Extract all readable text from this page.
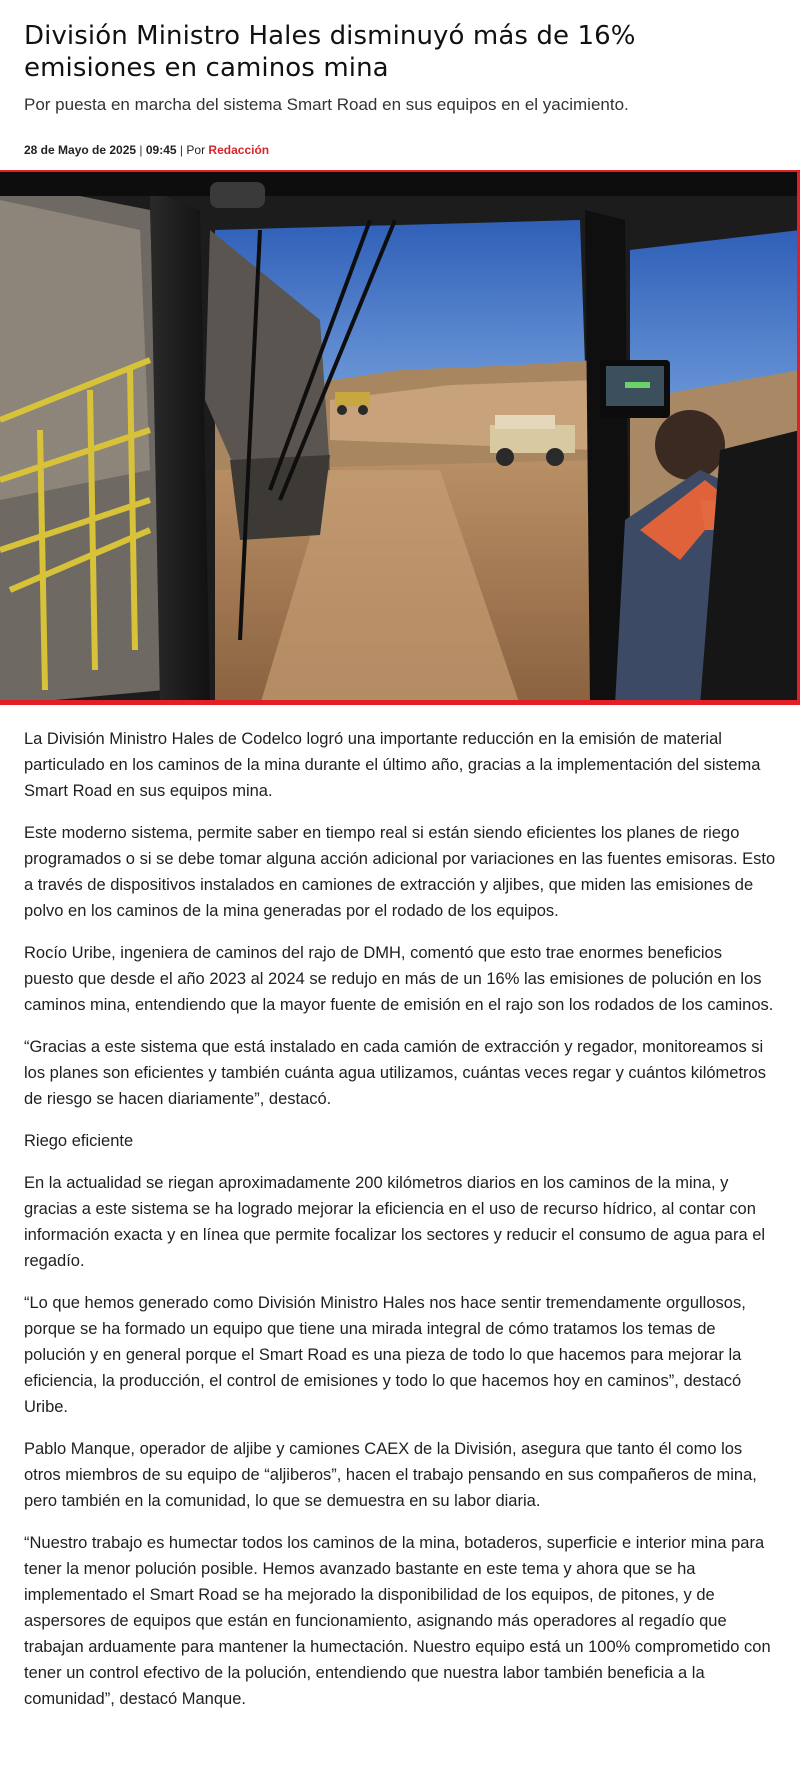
División Ministro Hales disminuyó más de 16% emisiones en caminos mina

Por puesta en marcha del sistema Smart Road en sus equipos en el yacimiento.

28 de Mayo de 2025 | 09:45 | Por Redacción

La División Ministro Hales de Codelco logró una importante reducción en la emisión de material particulado en los caminos de la mina durante el último año, gracias a la implementación del sistema Smart Road en sus equipos mina.

Este moderno sistema, permite saber en tiempo real si están siendo eficientes los planes de riego programados o si se debe tomar alguna acción adicional por variaciones en las fuentes emisoras. Esto a través de dispositivos instalados en camiones de extracción y aljibes, que miden las emisiones de polvo en los caminos de la mina generadas por el rodado de los equipos.

Rocío Uribe, ingeniera de caminos del rajo de DMH, comentó que esto trae enormes beneficios puesto que desde el año 2023 al 2024 se redujo en más de un 16% las emisiones de polución en los caminos mina, entendiendo que la mayor fuente de emisión en el rajo son los rodados de los caminos.

“Gracias a este sistema que está instalado en cada camión de extracción y regador, monitoreamos si los planes son eficientes y también cuánta agua utilizamos, cuántas veces regar y cuántos kilómetros de riesgo se hacen diariamente”, destacó.

Riego eficiente

En la actualidad se riegan aproximadamente 200 kilómetros diarios en los caminos de la mina, y gracias a este sistema se ha logrado mejorar la eficiencia en el uso de recurso hídrico, al contar con información exacta y en línea que permite focalizar los sectores y reducir el consumo de agua para el regadío.

“Lo que hemos generado como División Ministro Hales nos hace sentir tremendamente orgullosos, porque se ha formado un equipo que tiene una mirada integral de cómo tratamos los temas de polución y en general porque el Smart Road es una pieza de todo lo que hacemos para mejorar la eficiencia, la producción, el control de emisiones y todo lo que hacemos hoy en caminos”, destacó Uribe.

Pablo Manque, operador de aljibe y camiones CAEX de la División, asegura que tanto él como los otros miembros de su equipo de “aljiberos”, hacen el trabajo pensando en sus compañeros de mina, pero también en la comunidad, lo que se demuestra en su labor diaria.

“Nuestro trabajo es humectar todos los caminos de la mina, botaderos, superficie e interior mina para tener la menor polución posible. Hemos avanzado bastante en este tema y ahora que se ha implementado el Smart Road se ha mejorado la disponibilidad de los equipos, de pitones, y de aspersores de equipos que están en funcionamiento, asignando más operadores al regadío que trabajan arduamente para mantener la humectación. Nuestro equipo está un 100% comprometido con tener un control efectivo de la polución, entendiendo que nuestra labor también beneficia a la comunidad”, destacó Manque.
